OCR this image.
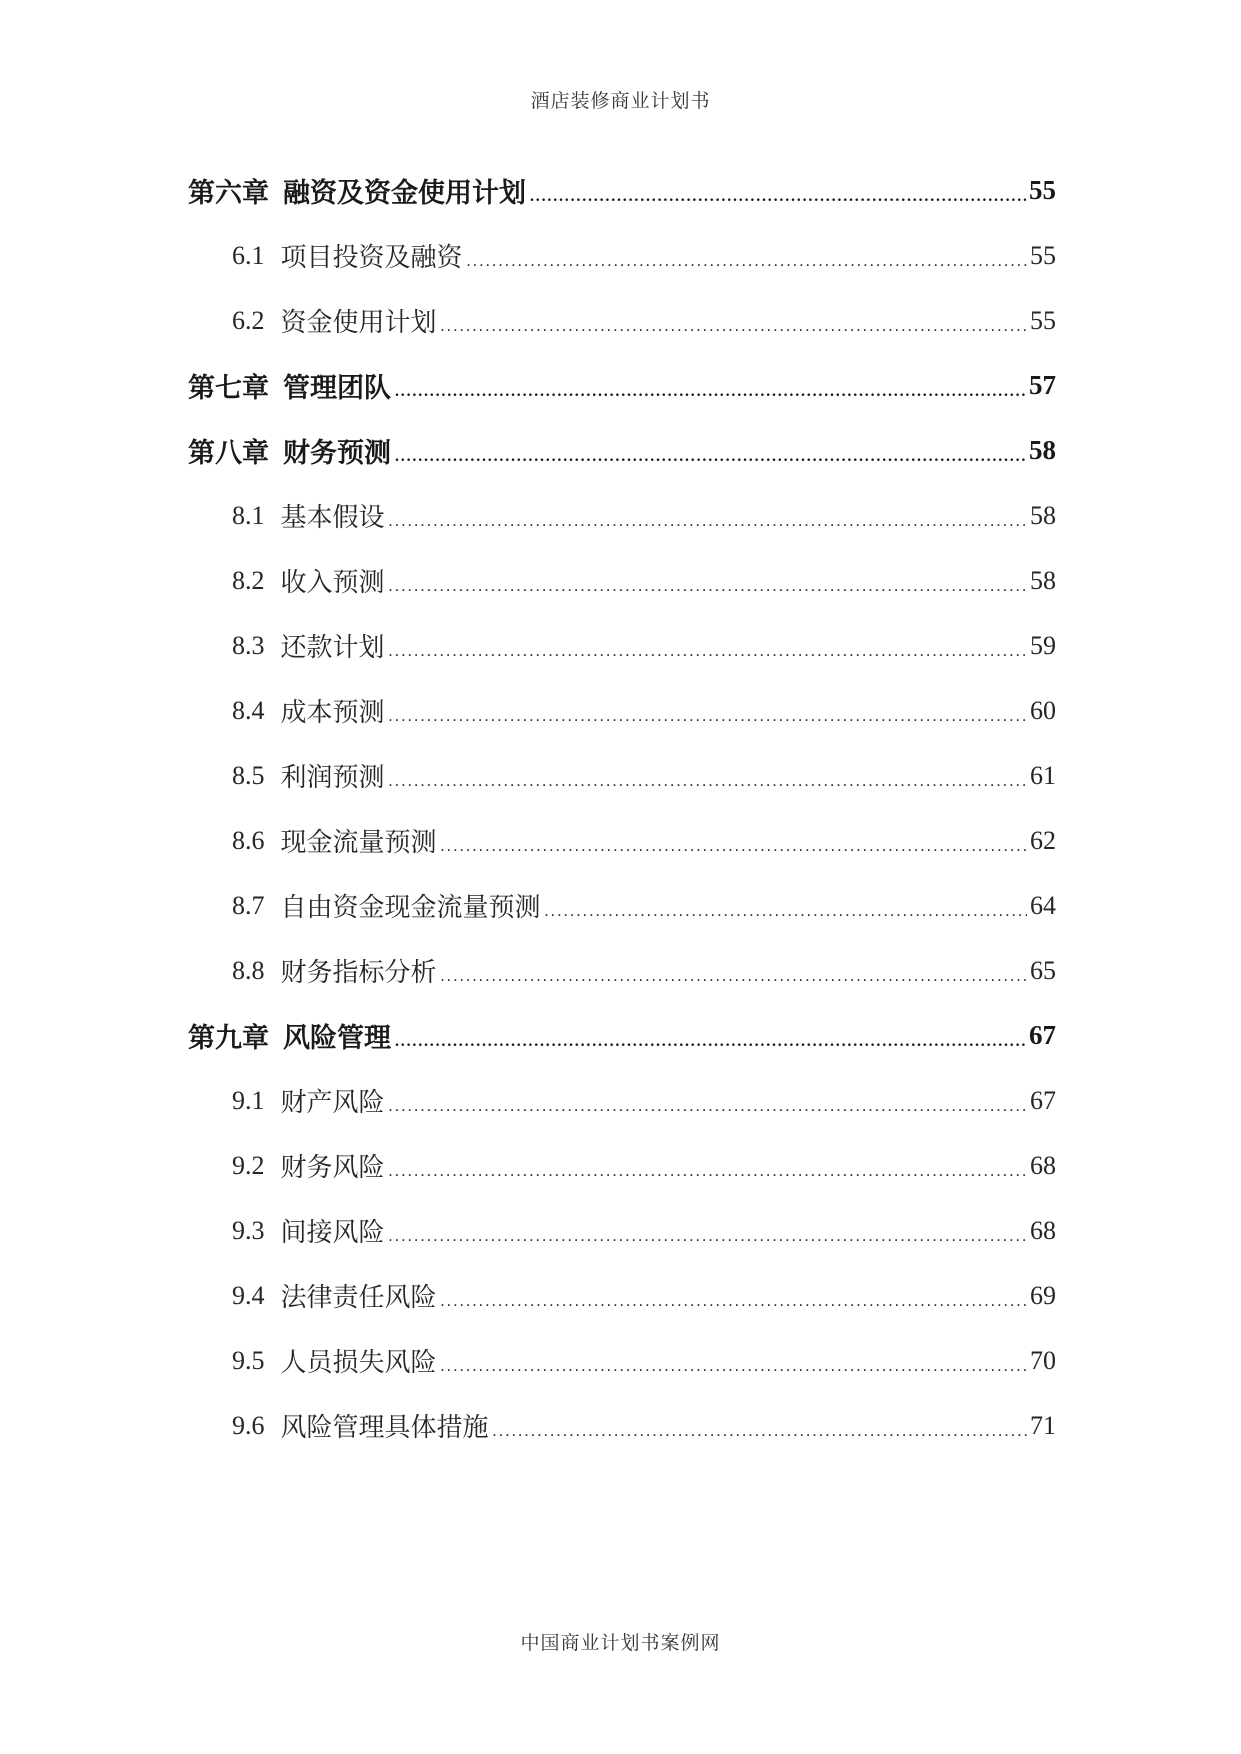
酒店装修商业计划书
第六章 融资及资金使用计划 .....	55
6.1 项目投资及融资 .....	55
6.2 资金使用计划 .....	55
第七章 管理团队 .....	57
第八章 财务预测 .....	58
8.1 基本假设 .....	58
8.2 收入预测 .....	58
8.3 还款计划 .....	59
8.4 成本预测 .....	60
8.5 利润预测 .....	61
8.6 现金流量预测 .....	62
8.7 自由资金现金流量预测 .....	64
8.8 财务指标分析 .....	65
第九章 风险管理 .....	67
9.1 财产风险 .....	67
9.2 财务风险 .....	68
9.3 间接风险 .....	68
9.4 法律责任风险 .....	69
9.5 人员损失风险 .....	70
9.6 风险管理具体措施 .....	71
中国商业计划书案例网
